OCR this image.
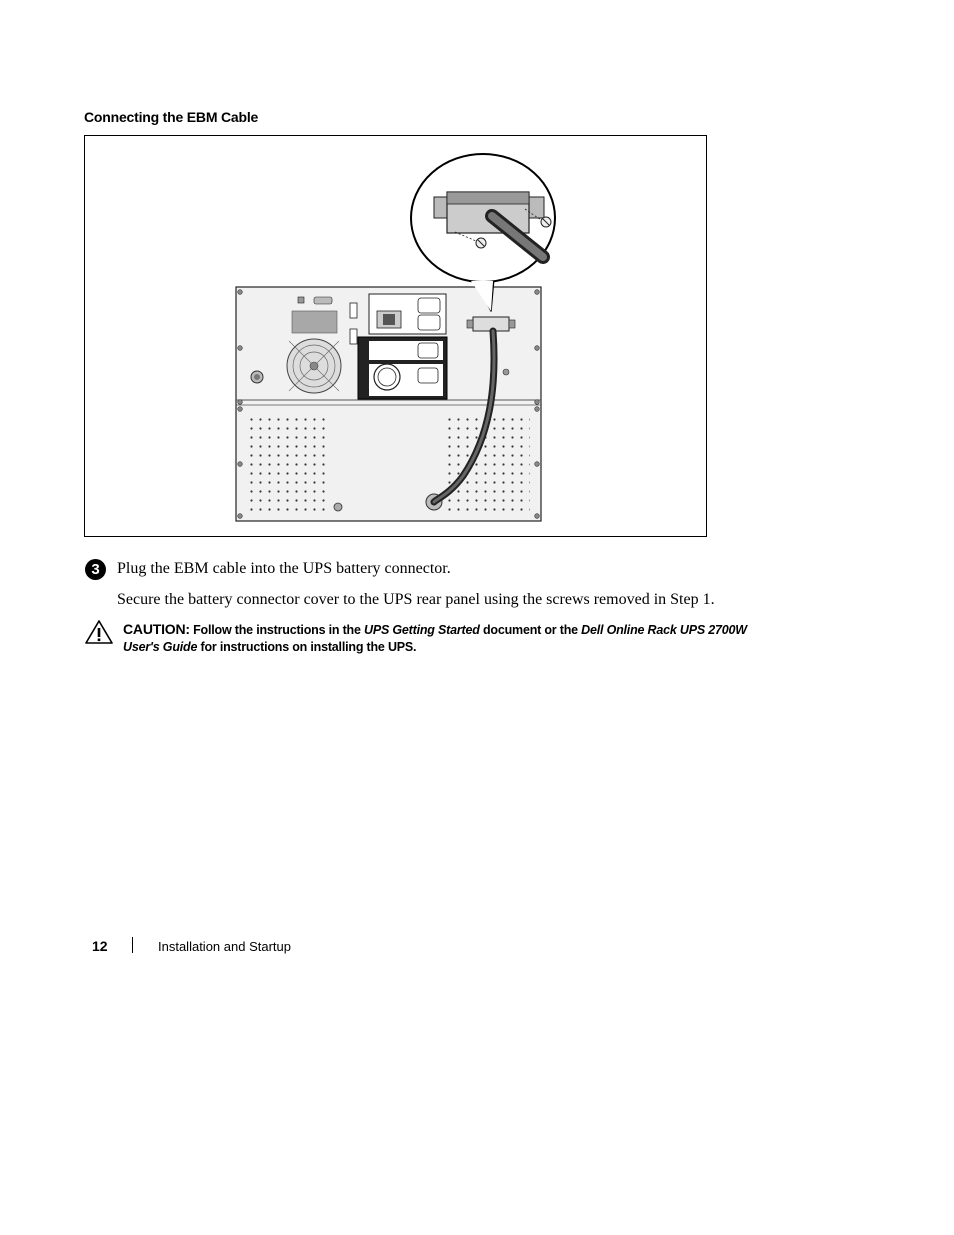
Connecting the EBM Cable
3	Plug the EBM cable into the UPS battery connector.
Secure the battery connector cover to the UPS rear panel using the screws removed in Step 1.
CAUTION: Follow the instructions in the UPS Getting Started document or the Dell Online Rack UPS 2700W User's Guide for instructions on installing the UPS.
12	Installation and Startup
